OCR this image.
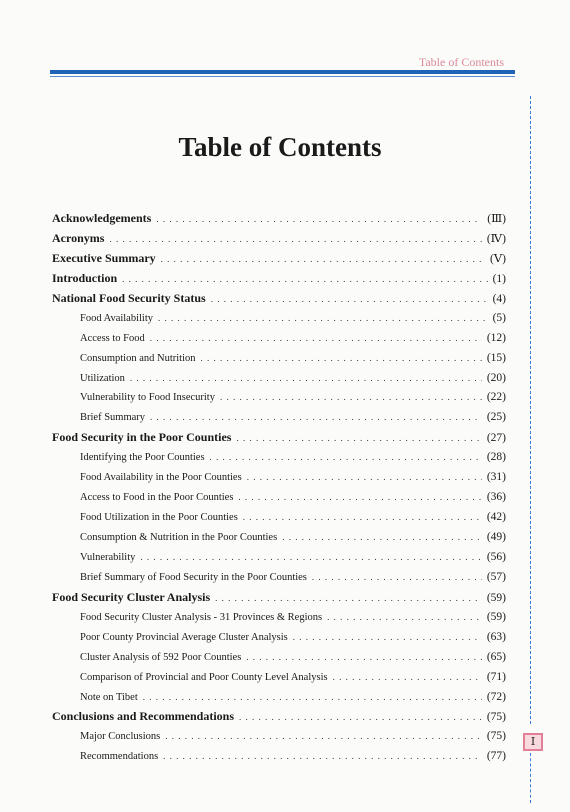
Table of Contents
Ⅰ
Table of Contents
Acknowledgements . . .	(Ⅲ)
Acronyms . . .	(Ⅳ)
Executive Summary . . .	(Ⅴ)
Introduction . . .	(1)
National Food Security Status . . .	(4)
Food Availability . . .	(5)
Access to Food . . .	(12)
Consumption and Nutrition . . .	(15)
Utilization . . .	(20)
Vulnerability to Food Insecurity . . .	(22)
Brief Summary . . .	(25)
Food Security in the Poor Counties . . .	(27)
Identifying the Poor Counties . . .	(28)
Food Availability in the Poor Counties . . .	(31)
Access to Food in the Poor Counties . . .	(36)
Food Utilization in the Poor Counties . . .	(42)
Consumption & Nutrition in the Poor Counties . . .	(49)
Vulnerability . . .	(56)
Brief Summary of Food Security in the Poor Counties . . .	(57)
Food Security Cluster Analysis . . .	(59)
Food Security Cluster Analysis - 31 Provinces & Regions . . .	(59)
Poor County Provincial Average Cluster Analysis . . .	(63)
Cluster Analysis of 592 Poor Counties . . .	(65)
Comparison of Provincial and Poor County Level Analysis . . .	(71)
Note on Tibet . . .	(72)
Conclusions and Recommendations . . .	(75)
Major Conclusions . . .	(75)
Recommendations . . .	(77)
